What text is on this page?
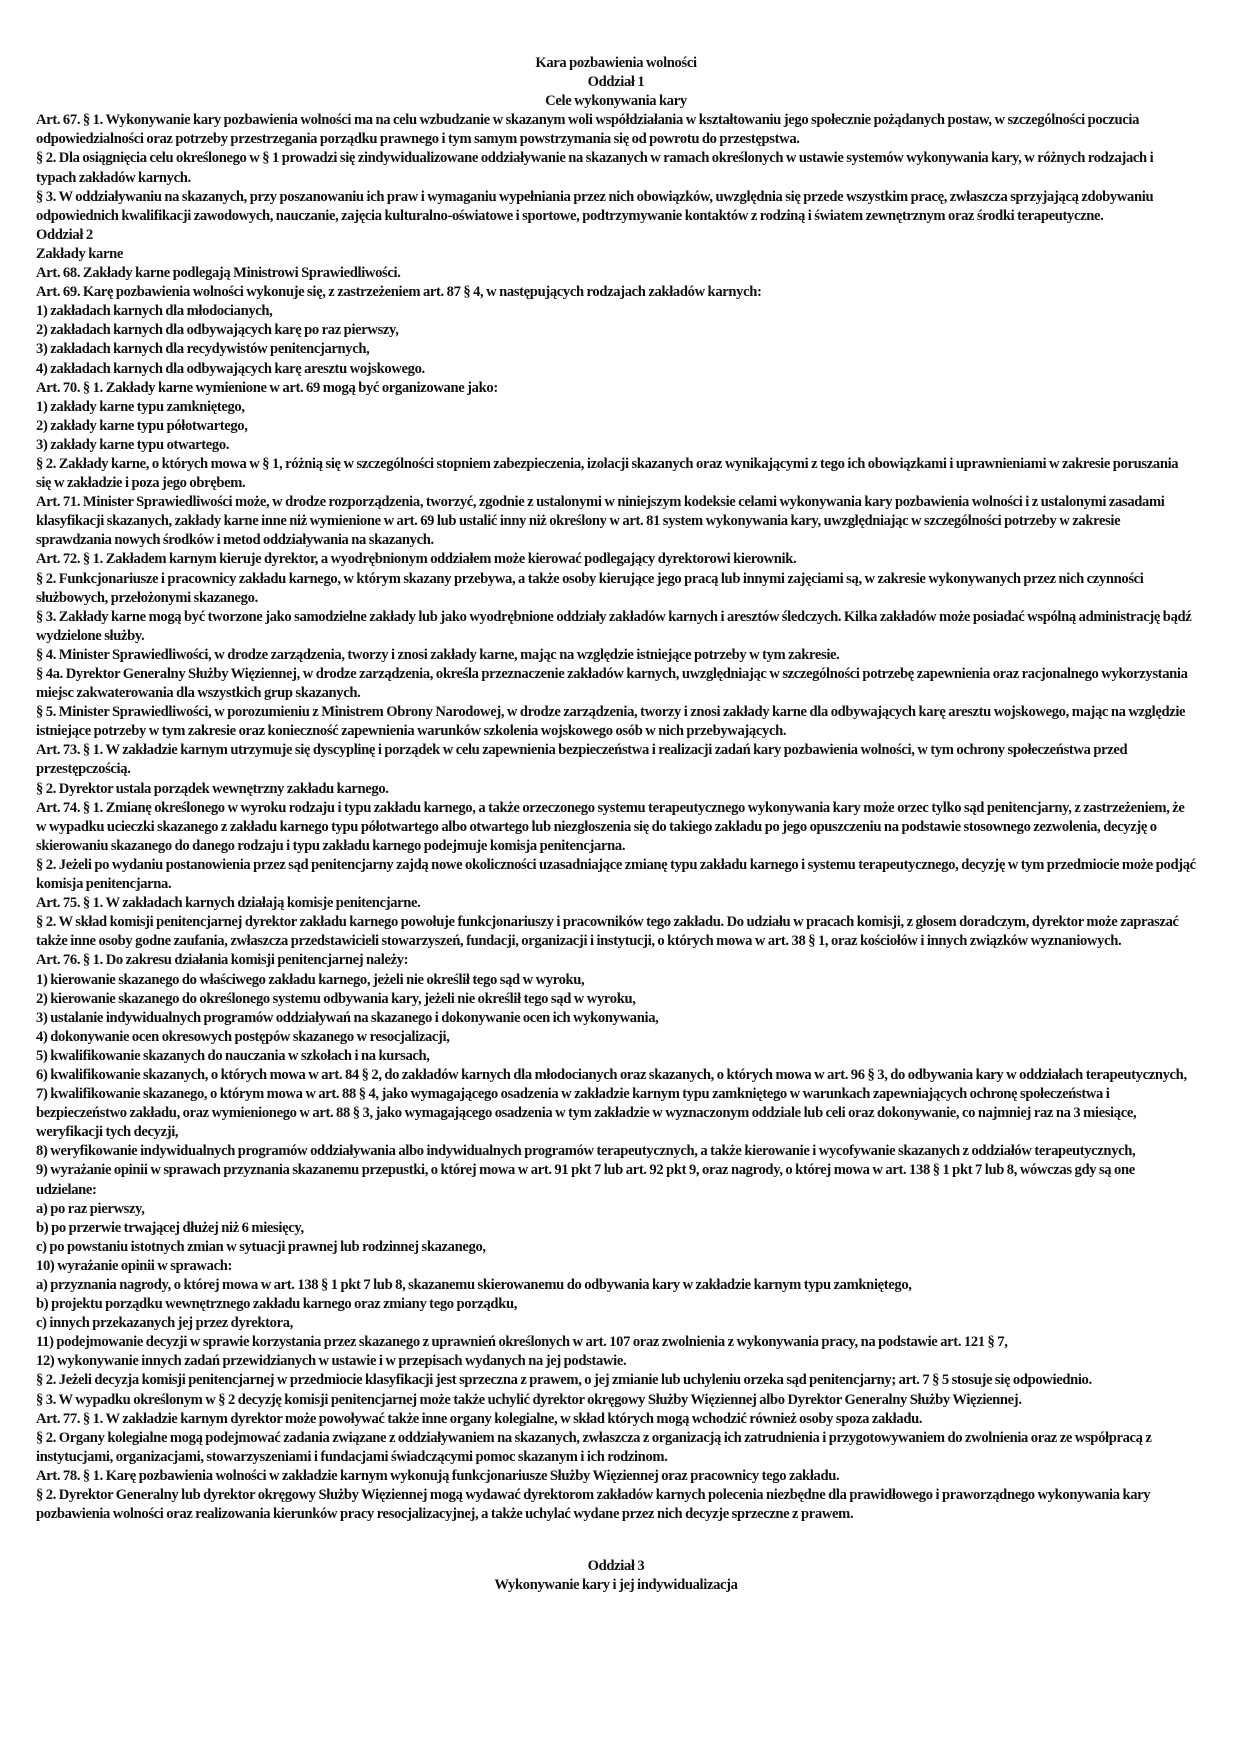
Kara pozbawienia wolności
Oddział 1
Cele wykonywania kary
Art. 67. § 1. Wykonywanie kary pozbawienia wolności ma na celu wzbudzanie w skazanym woli współdziałania w kształtowaniu jego społecznie pożądanych postaw, w szczególności poczucia odpowiedzialności oraz potrzeby przestrzegania porządku prawnego i tym samym powstrzymania się od powrotu do przestępstwa.
§ 2. Dla osiągnięcia celu określonego w § 1 prowadzi się zindywidualizowane oddziaływanie na skazanych w ramach określonych w ustawie systemów wykonywania kary, w różnych rodzajach i typach zakładów karnych.
§ 3. W oddziaływaniu na skazanych, przy poszanowaniu ich praw i wymaganiu wypełniania przez nich obowiązków, uwzględnia się przede wszystkim pracę, zwłaszcza sprzyjającą zdobywaniu odpowiednich kwalifikacji zawodowych, nauczanie, zajęcia kulturalno-oświatowe i sportowe, podtrzymywanie kontaktów z rodziną i światem zewnętrznym oraz środki terapeutyczne.
Oddział 2
Zakłady karne
Art. 68. Zakłady karne podlegają Ministrowi Sprawiedliwości.
Art. 69. Karę pozbawienia wolności wykonuje się, z zastrzeżeniem art. 87 § 4, w następujących rodzajach zakładów karnych:
1) zakładach karnych dla młodocianych,
2) zakładach karnych dla odbywających karę po raz pierwszy,
3) zakładach karnych dla recydywistów penitencjarnych,
4) zakładach karnych dla odbywających karę aresztu wojskowego.
Art. 70. § 1. Zakłady karne wymienione w art. 69 mogą być organizowane jako:
1) zakłady karne typu zamkniętego,
2) zakłady karne typu półotwartego,
3) zakłady karne typu otwartego.
§ 2. Zakłady karne, o których mowa w § 1, różnią się w szczególności stopniem zabezpieczenia, izolacji skazanych oraz wynikającymi z tego ich obowiązkami i uprawnieniami w zakresie poruszania się w zakładzie i poza jego obrębem.
Art. 71. Minister Sprawiedliwości może, w drodze rozporządzenia, tworzyć, zgodnie z ustalonymi w niniejszym kodeksie celami wykonywania kary pozbawienia wolności i z ustalonymi zasadami klasyfikacji skazanych, zakłady karne inne niż wymienione w art. 69 lub ustalić inny niż określony w art. 81 system wykonywania kary, uwzględniając w szczególności potrzeby w zakresie sprawdzania nowych środków i metod oddziaływania na skazanych.
Art. 72. § 1. Zakładem karnym kieruje dyrektor, a wyodrębnionym oddziałem może kierować podlegający dyrektorowi kierownik.
§ 2. Funkcjonariusze i pracownicy zakładu karnego, w którym skazany przebywa, a także osoby kierujące jego pracą lub innymi zajęciami są, w zakresie wykonywanych przez nich czynności służbowych, przełożonymi skazanego.
§ 3. Zakłady karne mogą być tworzone jako samodzielne zakłady lub jako wyodrębnione oddziały zakładów karnych i aresztów śledczych. Kilka zakładów może posiadać wspólną administrację bądź wydzielone służby.
§ 4. Minister Sprawiedliwości, w drodze zarządzenia, tworzy i znosi zakłady karne, mając na względzie istniejące potrzeby w tym zakresie.
§ 4a. Dyrektor Generalny Służby Więziennej, w drodze zarządzenia, określa przeznaczenie zakładów karnych, uwzględniając w szczególności potrzebę zapewnienia oraz racjonalnego wykorzystania miejsc zakwaterowania dla wszystkich grup skazanych.
§ 5. Minister Sprawiedliwości, w porozumieniu z Ministrem Obrony Narodowej, w drodze zarządzenia, tworzy i znosi zakłady karne dla odbywających karę aresztu wojskowego, mając na względzie istniejące potrzeby w tym zakresie oraz konieczność zapewnienia warunków szkolenia wojskowego osób w nich przebywających.
Art. 73. § 1. W zakładzie karnym utrzymuje się dyscyplinę i porządek w celu zapewnienia bezpieczeństwa i realizacji zadań kary pozbawienia wolności, w tym ochrony społeczeństwa przed przestępczością.
§ 2. Dyrektor ustala porządek wewnętrzny zakładu karnego.
Art. 74. § 1. Zmianę określonego w wyroku rodzaju i typu zakładu karnego, a także orzeczonego systemu terapeutycznego wykonywania kary może orzec tylko sąd penitencjarny, z zastrzeżeniem, że w wypadku ucieczki skazanego z zakładu karnego typu półotwartego albo otwartego lub niezgłoszenia się do takiego zakładu po jego opuszczeniu na podstawie stosownego zezwolenia, decyzję o skierowaniu skazanego do danego rodzaju i typu zakładu karnego podejmuje komisja penitencjarna.
§ 2. Jeżeli po wydaniu postanowienia przez sąd penitencjarny zajdą nowe okoliczności uzasadniające zmianę typu zakładu karnego i systemu terapeutycznego, decyzję w tym przedmiocie może podjąć komisja penitencjarna.
Art. 75. § 1. W zakładach karnych działają komisje penitencjarne.
§ 2. W skład komisji penitencjarnej dyrektor zakładu karnego powołuje funkcjonariuszy i pracowników tego zakładu. Do udziału w pracach komisji, z głosem doradczym, dyrektor może zapraszać także inne osoby godne zaufania, zwłaszcza przedstawicieli stowarzyszeń, fundacji, organizacji i instytucji, o których mowa w art. 38 § 1, oraz kościołów i innych związków wyznaniowych.
Art. 76. § 1. Do zakresu działania komisji penitencjarnej należy:
1) kierowanie skazanego do właściwego zakładu karnego, jeżeli nie określił tego sąd w wyroku,
2) kierowanie skazanego do określonego systemu odbywania kary, jeżeli nie określił tego sąd w wyroku,
3) ustalanie indywidualnych programów oddziaływań na skazanego i dokonywanie ocen ich wykonywania,
4) dokonywanie ocen okresowych postępów skazanego w resocjalizacji,
5) kwalifikowanie skazanych do nauczania w szkołach i na kursach,
6) kwalifikowanie skazanych, o których mowa w art. 84 § 2, do zakładów karnych dla młodocianych oraz skazanych, o których mowa w art. 96 § 3, do odbywania kary w oddziałach terapeutycznych,
7) kwalifikowanie skazanego, o którym mowa w art. 88 § 4, jako wymagającego osadzenia w zakładzie karnym typu zamkniętego w warunkach zapewniających ochronę społeczeństwa i bezpieczeństwo zakładu, oraz wymienionego w art. 88 § 3, jako wymagającego osadzenia w tym zakładzie w wyznaczonym oddziale lub celi oraz dokonywanie, co najmniej raz na 3 miesiące, weryfikacji tych decyzji,
8) weryfikowanie indywidualnych programów oddziaływania albo indywidualnych programów terapeutycznych, a także kierowanie i wycofywanie skazanych z oddziałów terapeutycznych,
9) wyrażanie opinii w sprawach przyznania skazanemu przepustki, o której mowa w art. 91 pkt 7 lub art. 92 pkt 9, oraz nagrody, o której mowa w art. 138 § 1 pkt 7 lub 8, wówczas gdy są one udzielane:
a) po raz pierwszy,
b) po przerwie trwającej dłużej niż 6 miesięcy,
c) po powstaniu istotnych zmian w sytuacji prawnej lub rodzinnej skazanego,
10) wyrażanie opinii w sprawach:
a) przyznania nagrody, o której mowa w art. 138 § 1 pkt 7 lub 8, skazanemu skierowanemu do odbywania kary w zakładzie karnym typu zamkniętego,
b) projektu porządku wewnętrznego zakładu karnego oraz zmiany tego porządku,
c) innych przekazanych jej przez dyrektora,
11) podejmowanie decyzji w sprawie korzystania przez skazanego z uprawnień określonych w art. 107 oraz zwolnienia z wykonywania pracy, na podstawie art. 121 § 7,
12) wykonywanie innych zadań przewidzianych w ustawie i w przepisach wydanych na jej podstawie.
§ 2. Jeżeli decyzja komisji penitencjarnej w przedmiocie klasyfikacji jest sprzeczna z prawem, o jej zmianie lub uchyleniu orzeka sąd penitencjarny; art. 7 § 5 stosuje się odpowiednio.
§ 3. W wypadku określonym w § 2 decyzję komisji penitencjarnej może także uchylić dyrektor okręgowy Służby Więziennej albo Dyrektor Generalny Służby Więziennej.
Art. 77. § 1. W zakładzie karnym dyrektor może powoływać także inne organy kolegialne, w skład których mogą wchodzić również osoby spoza zakładu.
§ 2. Organy kolegialne mogą podejmować zadania związane z oddziaływaniem na skazanych, zwłaszcza z organizacją ich zatrudnienia i przygotowywaniem do zwolnienia oraz ze współpracą z instytucjami, organizacjami, stowarzyszeniami i fundacjami świadczącymi pomoc skazanym i ich rodzinom.
Art. 78. § 1. Karę pozbawienia wolności w zakładzie karnym wykonują funkcjonariusze Służby Więziennej oraz pracownicy tego zakładu.
§ 2. Dyrektor Generalny lub dyrektor okręgowy Służby Więziennej mogą wydawać dyrektorom zakładów karnych polecenia niezbędne dla prawidłowego i praworządnego wykonywania kary pozbawienia wolności oraz realizowania kierunków pracy resocjalizacyjnej, a także uchylać wydane przez nich decyzje sprzeczne z prawem.
Oddział 3
Wykonywanie kary i jej indywidualizacja
